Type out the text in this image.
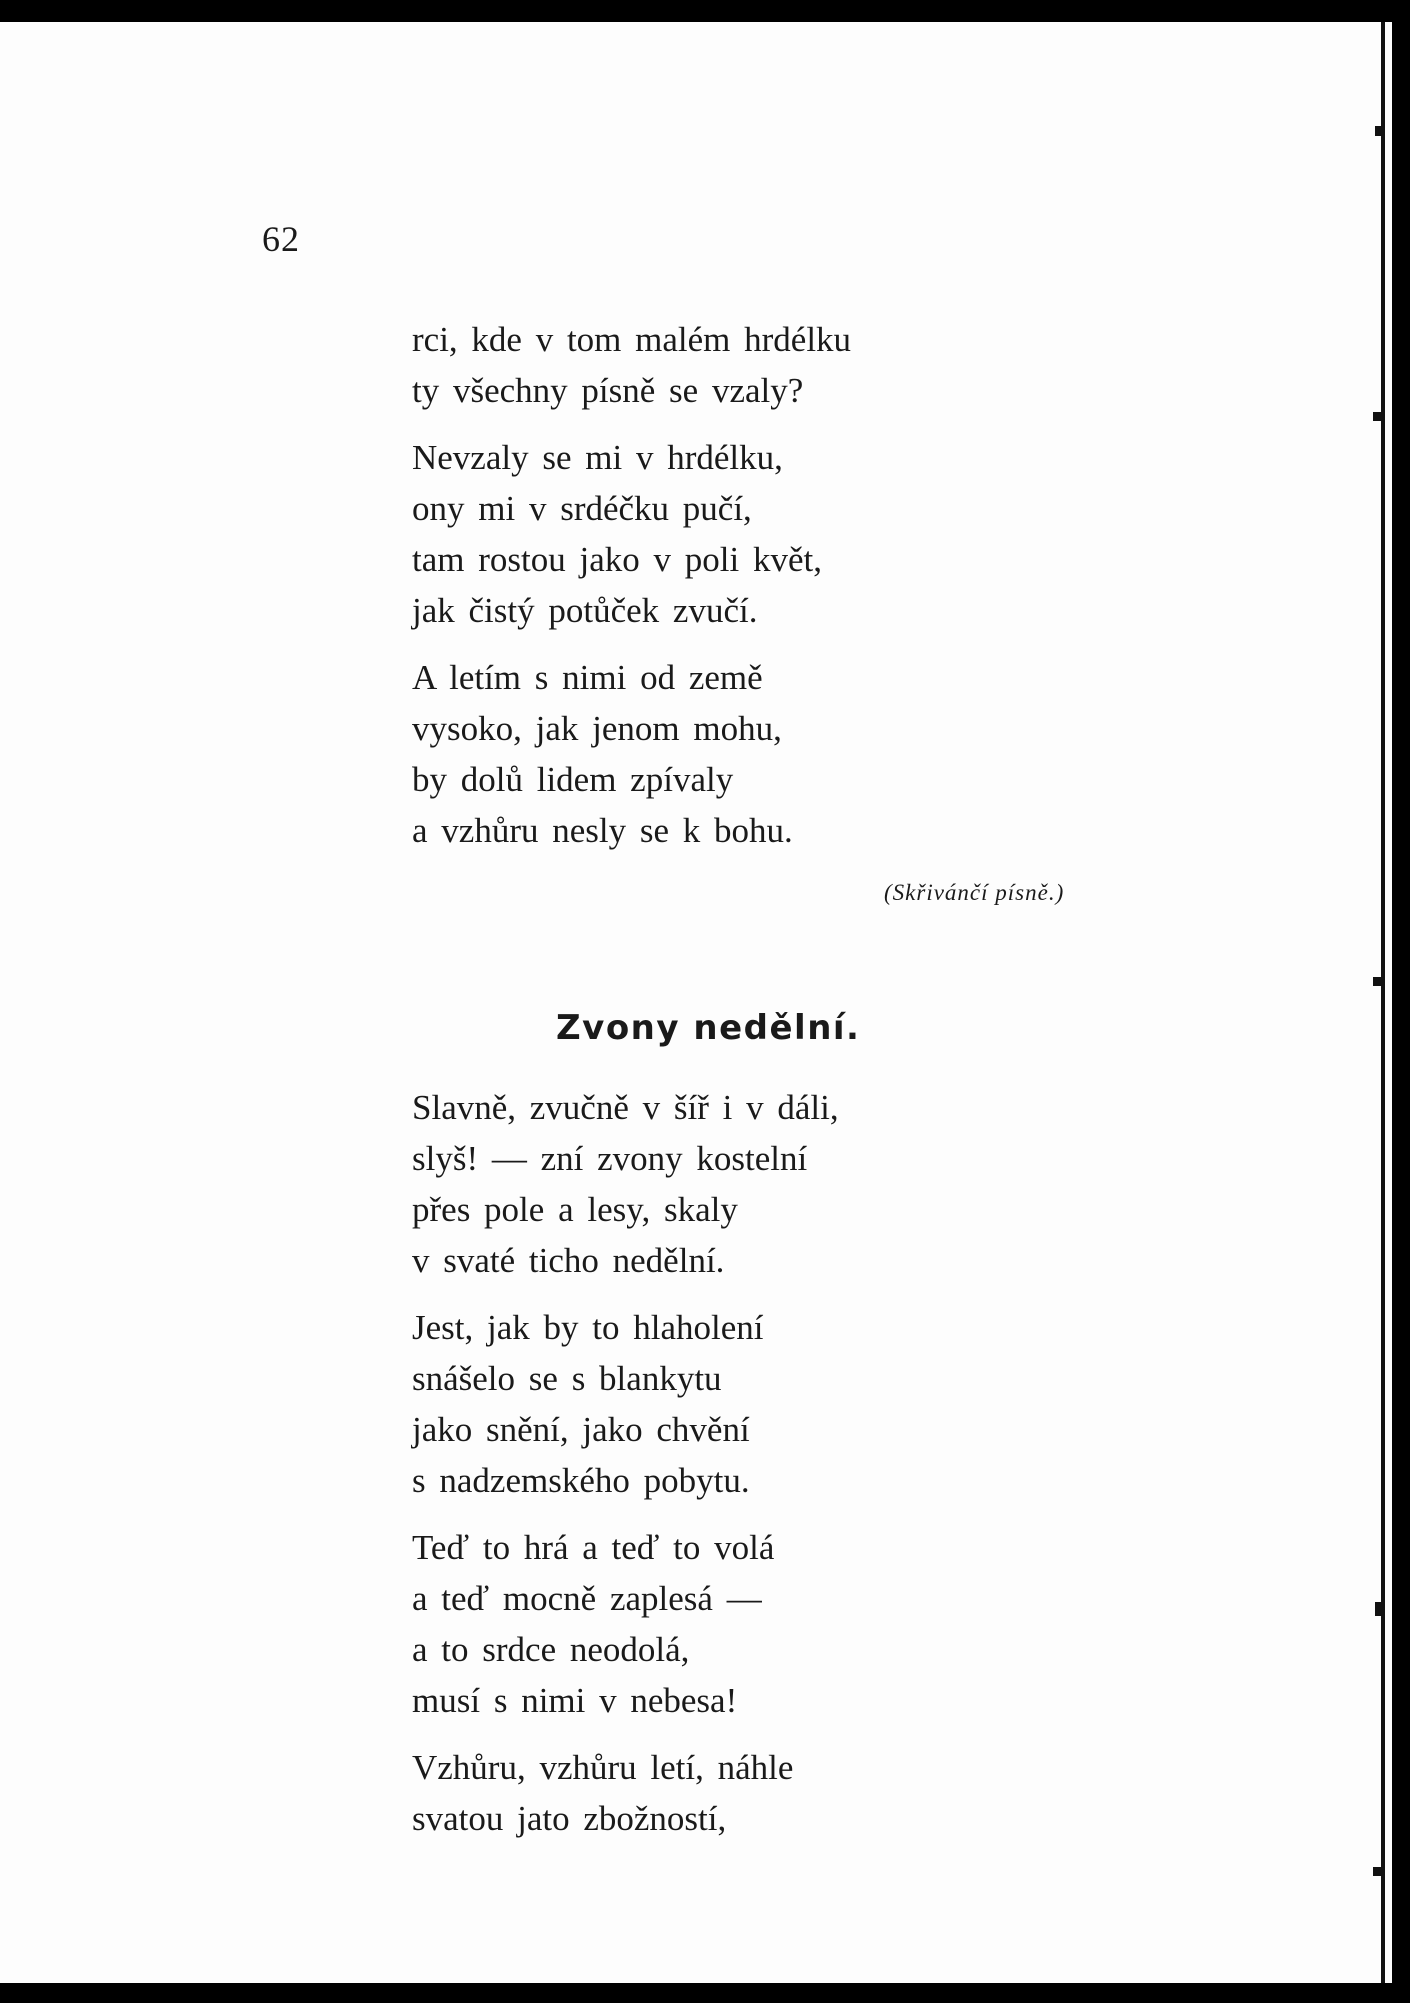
62
rci, kde v tom malém hrdélku
ty všechny písně se vzaly?
Nevzaly se mi v hrdélku,
ony mi v srdéčku pučí,
tam rostou jako v poli květ,
jak čistý potůček zvučí.
A letím s nimi od země
vysoko, jak jenom mohu,
by dolů lidem zpívaly
a vzhůru nesly se k bohu.
(Skřivánčí písně.)
Zvony nedělní.
Slavně, zvučně v šíř i v dáli,
slyš! — zní zvony kostelní
přes pole a lesy, skaly
v svaté ticho nedělní.
Jest, jak by to hlaholení
snášelo se s blankytu
jako snění, jako chvění
s nadzemského pobytu.
Teď to hrá a teď to volá
a teď mocně zaplesá —
a to srdce neodolá,
musí s nimi v nebesa!
Vzhůru, vzhůru letí, náhle
svatou jato zbožností,
